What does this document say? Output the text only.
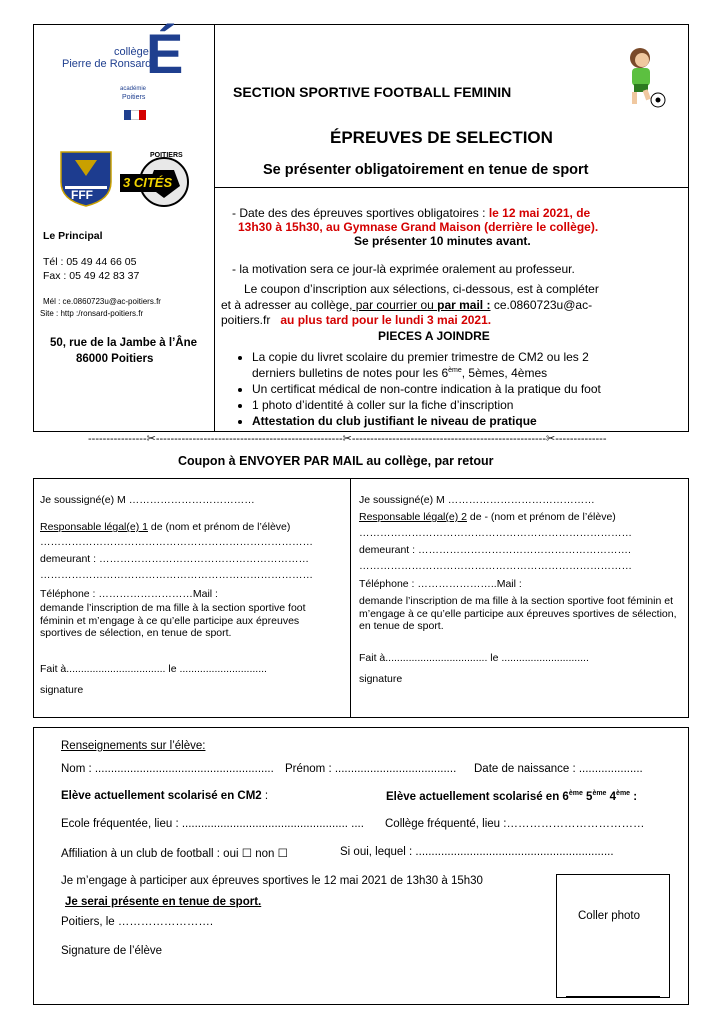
É
collège
Pierre de Ronsard
académie
Poitiers
FFF
POITIERS
3 CITÉS
Le Principal
Tél : 05 49 44 66 05
Fax : 05 49 42 83 37
Mél : ce.0860723u@ac-poitiers.fr
Site : http :/ronsard-poitiers.fr
50, rue de la Jambe à l’Âne
86000 Poitiers
SECTION SPORTIVE FOOTBALL FEMININ
ÉPREUVES DE SELECTION
Se présenter obligatoirement en tenue de sport
- Date des des épreuves sportives obligatoires : le 12 mai 2021, de
13h30 à 15h30, au Gymnase Grand Maison (derrière le collège).
Se présenter 10 minutes avant.
- la motivation sera ce jour-là exprimée oralement au professeur.
Le coupon d’inscription aux sélections, ci-dessous, est à compléter
et à adresser au collège, par courrier ou par mail : ce.0860723u@ac-
poitiers.fr au plus tard pour le lundi 3 mai 2021.
PIECES A JOINDRE
• La copie du livret scolaire du premier trimestre de CM2 ou les 2
derniers bulletins de notes pour les 6ème, 5èmes, 4èmes
• Un certificat médical de non-contre indication à la pratique du foot
• 1 photo d’identité à coller sur la fiche d’inscription
• Attestation du club justifiant le niveau de pratique
----------------✂---------------------------------------------------✂-----------------------------------------------------✂--------------
Coupon à ENVOYER PAR MAIL au collège, par retour
Je soussigné(e) M ………………………………
Responsable légal(e) 1 de (nom et prénom de l’élève)
……………………………………………………………………
demeurant : ……………………………………………………
……………………………………………………………………
Téléphone : ………………………Mail :
demande l’inscription de ma fille à la section sportive foot féminin et m’engage à ce qu’elle participe aux épreuves sportives de sélection, en tenue de sport.
Fait à.................................. le ..............................
signature
Je soussigné(e) M ……………………………………
Responsable légal(e) 2 de - (nom et prénom de l’élève)
……………………………………………………………………
demeurant : …………………………………………………….
……………………………………………………………………
Téléphone : …………………..Mail :
demande l’inscription de ma fille à la section sportive foot féminin et m’engage à ce qu’elle participe aux épreuves sportives de sélection, en tenue de sport.
Fait à................................... le ..............................
signature
Renseignements sur l’élève:
Nom : ........................................................ Prénom : ...................................... Date de naissance : ....................
Elève actuellement scolarisé en CM2 :	Elève actuellement scolarisé en 6ème 5ème 4ème :
Ecole fréquentée, lieu : .................................................... .... Collège fréquenté, lieu :………………………………
Affiliation à un club de football : oui ☐ non ☐	Si oui, lequel : ..............................................................
Je m’engage à participer aux épreuves sportives le 12 mai 2021 de 13h30 à 15h30
Je serai présente en tenue de sport.
Poitiers, le …………………….
Signature de l’élève
Coller photo
